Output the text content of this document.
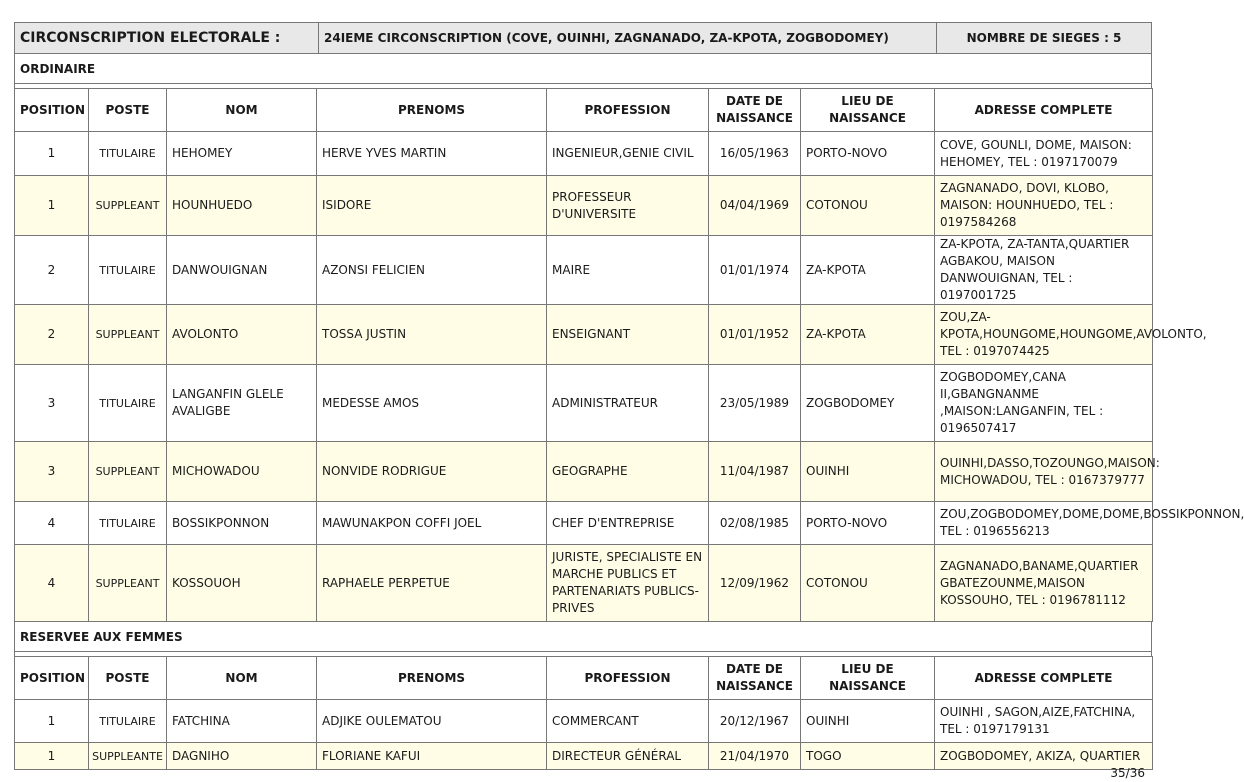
CIRCONSCRIPTION ELECTORALE :	24IEME CIRCONSCRIPTION (COVE, OUINHI, ZAGNANADO, ZA-KPOTA, ZOGBODOMEY)	NOMBRE DE SIEGES : 5
ORDINAIRE
POSITION	POSTE	NOM	PRENOMS	PROFESSION	DATE DE NAISSANCE	LIEU DE NAISSANCE	ADRESSE COMPLETE
1	TITULAIRE	HEHOMEY	HERVE YVES MARTIN	INGENIEUR,GENIE CIVIL	16/05/1963	PORTO-NOVO	COVE, GOUNLI, DOME, MAISON: HEHOMEY, TEL : 0197170079
1	SUPPLEANT	HOUNHUEDO	ISIDORE	PROFESSEUR D'UNIVERSITE	04/04/1969	COTONOU	ZAGNANADO, DOVI, KLOBO, MAISON: HOUNHUEDO, TEL : 0197584268
2	TITULAIRE	DANWOUIGNAN	AZONSI FELICIEN	MAIRE	01/01/1974	ZA-KPOTA	ZA-KPOTA, ZA-TANTA,QUARTIER AGBAKOU, MAISON DANWOUIGNAN, TEL : 0197001725
2	SUPPLEANT	AVOLONTO	TOSSA JUSTIN	ENSEIGNANT	01/01/1952	ZA-KPOTA	ZOU,ZA-KPOTA,HOUNGOME,HOUNGOME,AVOLONTO, TEL : 0197074425
3	TITULAIRE	LANGANFIN GLELE AVALIGBE	MEDESSE AMOS	ADMINISTRATEUR	23/05/1989	ZOGBODOMEY	ZOGBODOMEY,CANA II,GBANGNANME ,MAISON:LANGANFIN, TEL : 0196507417
3	SUPPLEANT	MICHOWADOU	NONVIDE RODRIGUE	GEOGRAPHE	11/04/1987	OUINHI	OUINHI,DASSO,TOZOUNGO,MAISON: MICHOWADOU, TEL : 0167379777
4	TITULAIRE	BOSSIKPONNON	MAWUNAKPON COFFI JOEL	CHEF D'ENTREPRISE	02/08/1985	PORTO-NOVO	ZOU,ZOGBODOMEY,DOME,DOME,BOSSIKPONNON, TEL : 0196556213
4	SUPPLEANT	KOSSOUOH	RAPHAELE PERPETUE	JURISTE, SPECIALISTE EN MARCHE PUBLICS ET PARTENARIATS PUBLICS-PRIVES	12/09/1962	COTONOU	ZAGNANADO,BANAME,QUARTIER GBATEZOUNME,MAISON KOSSOUHO, TEL : 0196781112
RESERVEE AUX FEMMES
POSITION	POSTE	NOM	PRENOMS	PROFESSION	DATE DE NAISSANCE	LIEU DE NAISSANCE	ADRESSE COMPLETE
1	TITULAIRE	FATCHINA	ADJIKE OULEMATOU	COMMERCANT	20/12/1967	OUINHI	OUINHI , SAGON,AIZE,FATCHINA, TEL : 0197179131
1	SUPPLEANTE	DAGNIHO	FLORIANE KAFUI	DIRECTEUR GÉNÉRAL	21/04/1970	TOGO	ZOGBODOMEY, AKIZA, QUARTIER
35/36
